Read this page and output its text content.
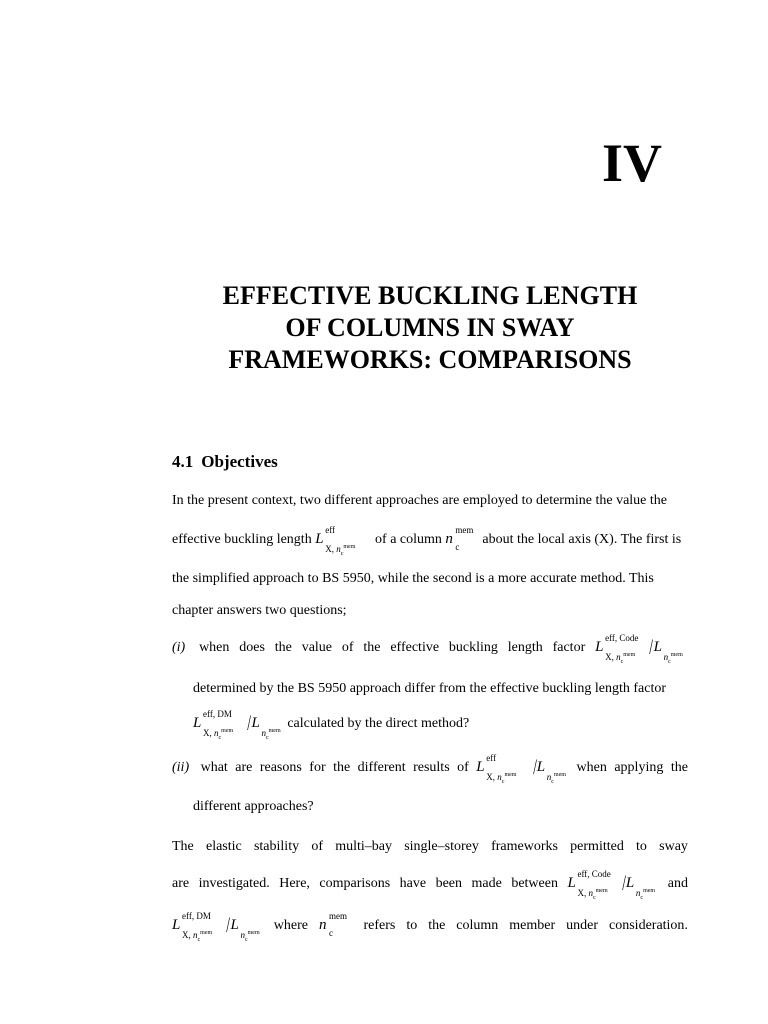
IV
EFFECTIVE BUCKLING LENGTH
OF COLUMNS IN SWAY
FRAMEWORKS: COMPARISONS
4.1 Objectives
In the present context, two different approaches are employed to determine the value the
effective buckling length L
eff
X, $n_c^{mem}$ of a column n
mem
c about the local axis (X). The first is
the simplified approach to BS 5950, while the second is a more accurate method. This
chapter answers two questions;
(i) when does the value of the effective buckling length factor L
eff, Code
X, $n_c^{mem}$ /L
$n_c^{mem}$
determined by the BS 5950 approach differ from the effective buckling length factor
L
eff, DM
X, $n_c^{mem}$ /L
$n_c^{mem}$ calculated by the direct method?
(ii) what are reasons for the different results of L
eff
X, $n_c^{mem}$ /L
$n_c^{mem}$ when applying the
different approaches?
The elastic stability of multi–bay single–storey frameworks permitted to sway
are investigated. Here, comparisons have been made between L
eff, Code
X, $n_c^{mem}$ /L
$n_c^{mem}$ and
L
eff, DM
X, $n_c^{mem}$ /L
$n_c^{mem}$ where n
mem
c refers to the column member under consideration.
